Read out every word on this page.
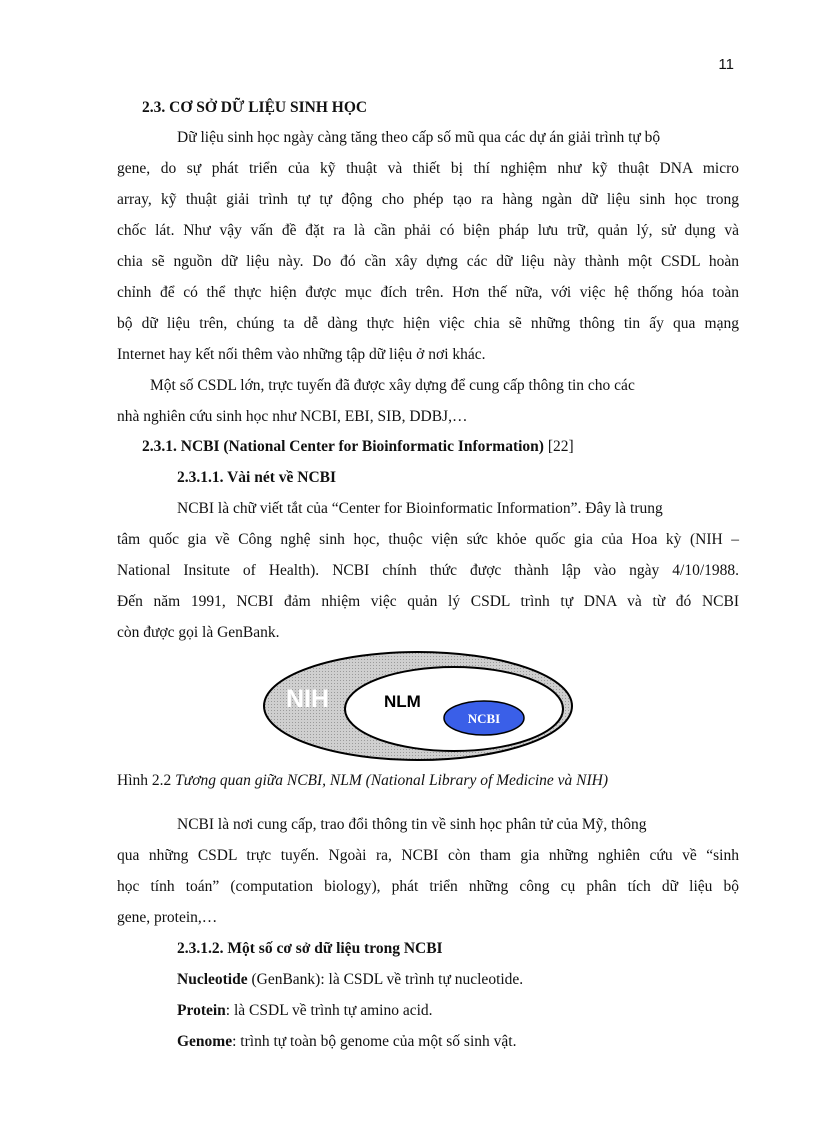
11
2.3. CƠ SỞ DỮ LIỆU SINH HỌC
Dữ liệu sinh học ngày càng tăng theo cấp số mũ qua các dự án giải trình tự bộ
gene, do sự phát triển của kỹ thuật và thiết bị thí nghiệm như kỹ thuật DNA micro
array, kỹ thuật giải trình tự tự động cho phép tạo ra hàng ngàn dữ liệu sinh học trong
chốc lát. Như vậy vấn đề đặt ra là cần phải có biện pháp lưu trữ, quản lý, sử dụng và
chia sẽ nguồn dữ liệu này. Do đó cần xây dựng các dữ liệu này thành một CSDL hoàn
chỉnh để có thể thực hiện được mục đích trên. Hơn thế nữa, với việc hệ thống hóa toàn
bộ dữ liệu trên, chúng ta dễ dàng thực hiện việc chia sẽ những thông tin ấy qua mạng
Internet hay kết nối thêm vào những tập dữ liệu ở nơi khác.
Một số CSDL lớn, trực tuyến đã được xây dựng để cung cấp thông tin cho các
nhà nghiên cứu sinh học như NCBI, EBI, SIB, DDBJ,…
2.3.1. NCBI (National Center for Bioinformatic Information) [22]
2.3.1.1. Vài nét về NCBI
NCBI là chữ viết tắt của “Center for Bioinformatic Information”. Đây là trung
tâm quốc gia về Công nghệ sinh học, thuộc viện sức khỏe quốc gia của Hoa kỳ (NIH –
National Insitute of Health). NCBI chính thức được thành lập vào ngày 4/10/1988.
Đến năm 1991, NCBI đảm nhiệm việc quản lý CSDL trình tự DNA và từ đó NCBI
còn được gọi là GenBank.
NIH	NLM
NCBI
Hình 2.2 Tương quan giữa NCBI, NLM (National Library of Medicine và NIH)
NCBI là nơi cung cấp, trao đổi thông tin về sinh học phân tử của Mỹ, thông
qua những CSDL trực tuyến. Ngoài ra, NCBI còn tham gia những nghiên cứu về “sinh
học tính toán” (computation biology), phát triển những công cụ phân tích dữ liệu bộ
gene, protein,…
2.3.1.2. Một số cơ sở dữ liệu trong NCBI
Nucleotide (GenBank): là CSDL về trình tự nucleotide.
Protein: là CSDL về trình tự amino acid.
Genome: trình tự toàn bộ genome của một số sinh vật.
